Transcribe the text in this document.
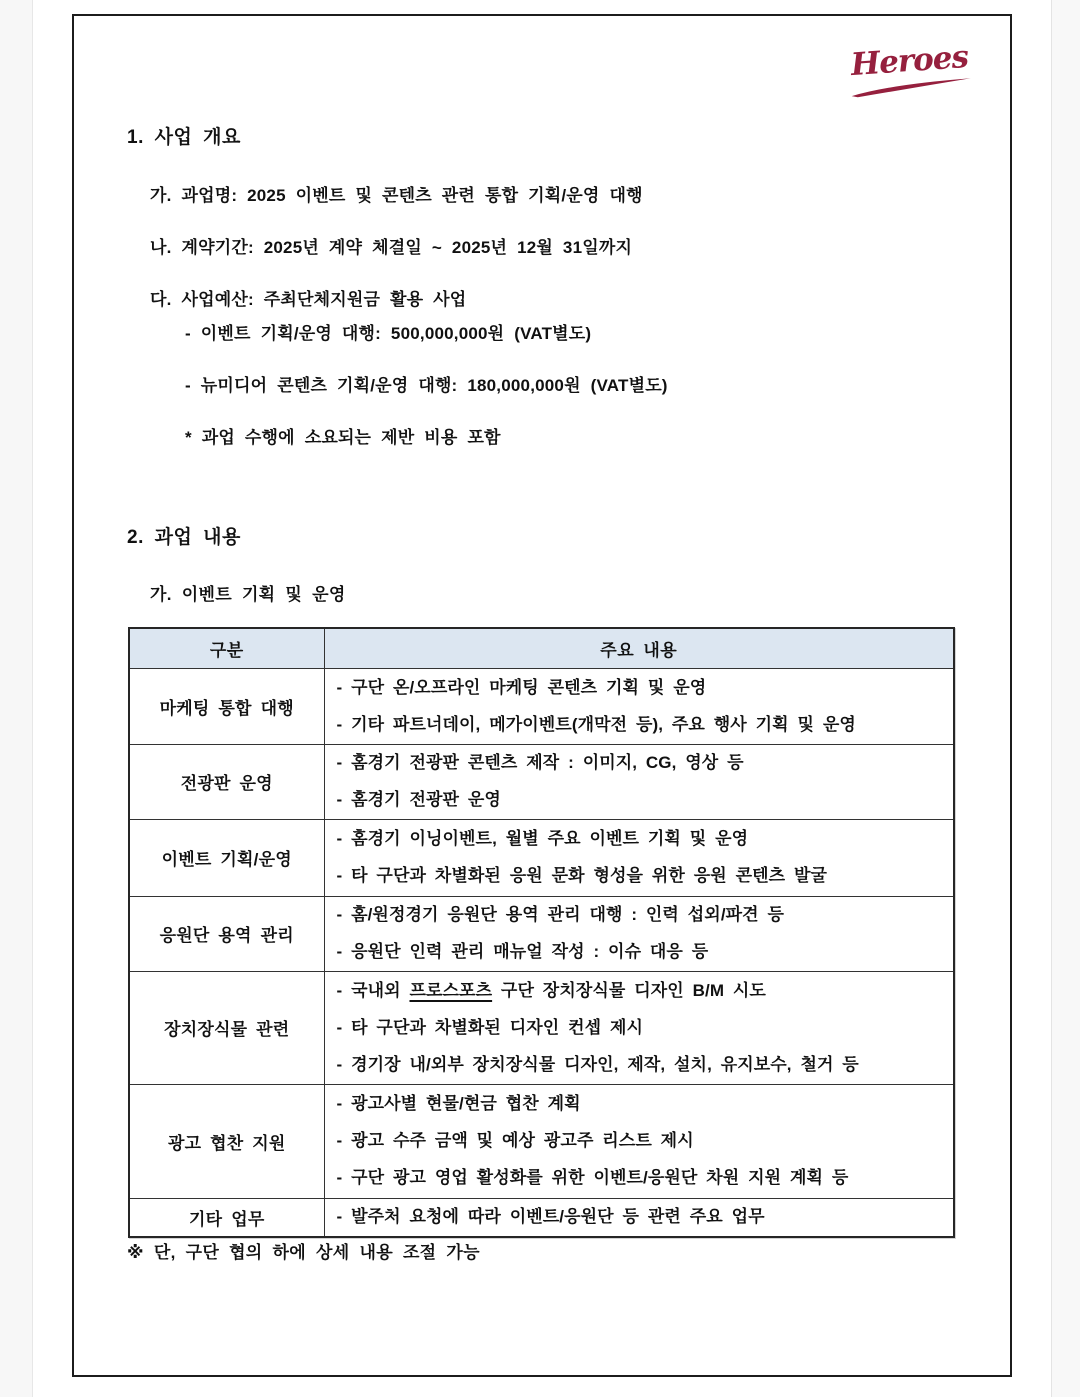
Heroes
1. 사업 개요
가. 과업명: 2025 이벤트 및 콘텐츠 관련 통합 기획/운영 대행
나. 계약기간: 2025년 계약 체결일 ~ 2025년 12월 31일까지
다. 사업예산: 주최단체지원금 활용 사업
- 이벤트 기획/운영 대행: 500,000,000원 (VAT별도)
- 뉴미디어 콘텐츠 기획/운영 대행: 180,000,000원 (VAT별도)
* 과업 수행에 소요되는 제반 비용 포함
2. 과업 내용
가. 이벤트 기획 및 운영
구분	주요 내용
마케팅 통합 대행	- 구단 온/오프라인 마케팅 콘텐츠 기획 및 운영
- 기타 파트너데이, 메가이벤트(개막전 등), 주요 행사 기획 및 운영

전광판 운영	- 홈경기 전광판 콘텐츠 제작 : 이미지, CG, 영상 등
- 홈경기 전광판 운영

이벤트 기획/운영	- 홈경기 이닝이벤트, 월별 주요 이벤트 기획 및 운영
- 타 구단과 차별화된 응원 문화 형성을 위한 응원 콘텐츠 발굴

응원단 용역 관리	- 홈/원정경기 응원단 용역 관리 대행 : 인력 섭외/파견 등
- 응원단 인력 관리 매뉴얼 작성 : 이슈 대응 등

장치장식물 관련	- 국내외 프로스포츠 구단 장치장식물 디자인 B/M 시도
- 타 구단과 차별화된 디자인 컨셉 제시
- 경기장 내/외부 장치장식물 디자인, 제작, 설치, 유지보수, 철거 등

광고 협찬 지원	- 광고사별 현물/현금 협찬 계획
- 광고 수주 금액 및 예상 광고주 리스트 제시
- 구단 광고 영업 활성화를 위한 이벤트/응원단 차원 지원 계획 등

기타 업무	- 발주처 요청에 따라 이벤트/응원단 등 관련 주요 업무
※ 단, 구단 협의 하에 상세 내용 조절 가능
